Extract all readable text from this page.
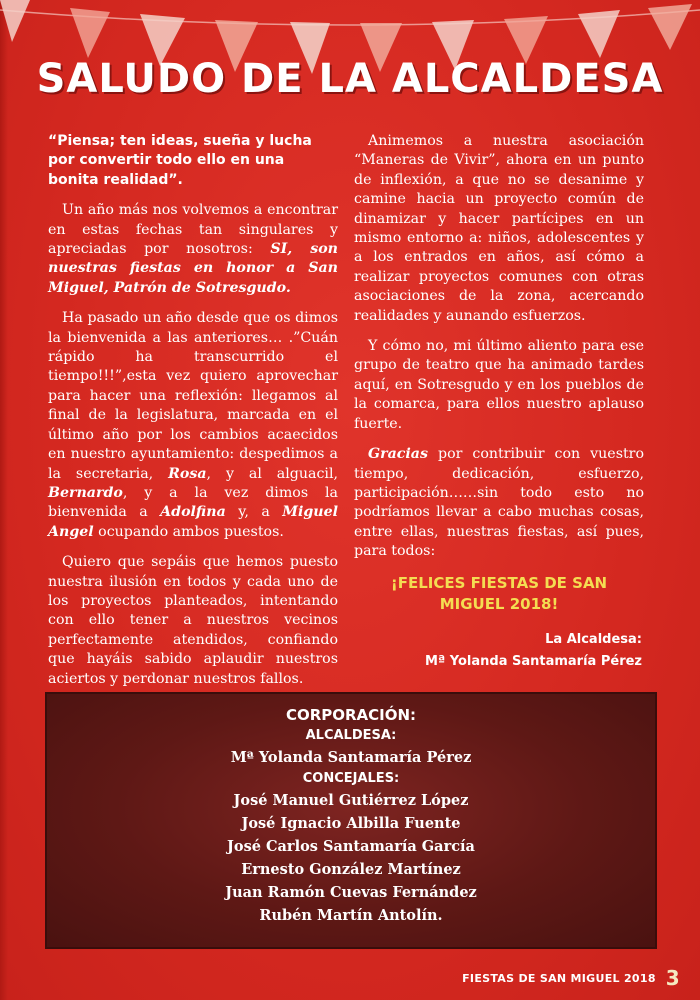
SALUDO DE LA ALCALDESA

“Piensa; ten ideas, sueña y lucha por convertir todo ello en una bonita realidad”.

Un año más nos volvemos a encontrar en estas fechas tan singulares y apreciadas por nosotros: SI, son nuestras fiestas en honor a San Miguel, Patrón de Sotresgudo.

Ha pasado un año desde que os dimos la bienvenida a las anteriores… .”Cuán rápido ha transcurrido el tiempo!!!”,esta vez quiero aprovechar para hacer una reflexión: llegamos al final de la legislatura, marcada en el último año por los cambios acaecidos en nuestro ayuntamiento: despedimos a la secretaria, Rosa, y al alguacil, Bernardo, y a la vez dimos la bienvenida a Adolfina y, a Miguel Angel ocupando ambos puestos.

Quiero que sepáis que hemos puesto nuestra ilusión en todos y cada uno de los proyectos planteados, intentando con ello tener a nuestros vecinos perfectamente atendidos, confiando que hayáis sabido aplaudir nuestros aciertos y perdonar nuestros fallos.

Animemos a nuestra asociación “Maneras de Vivir”, ahora en un punto de inflexión, a que no se desanime y camine hacia un proyecto común de dinamizar y hacer partícipes en un mismo entorno a: niños, adolescentes y a los entrados en años, así cómo a realizar proyectos comunes con otras asociaciones de la zona, acercando realidades y aunando esfuerzos.

Y cómo no, mi último aliento para ese grupo de teatro que ha animado tardes aquí, en Sotresgudo y en los pueblos de la comarca, para ellos nuestro aplauso fuerte.

Gracias por contribuir con vuestro tiempo, dedicación, esfuerzo, participación……sin todo esto no podríamos llevar a cabo muchas cosas, entre ellas, nuestras fiestas, así pues, para todos:

¡FELICES FIESTAS DE SAN
MIGUEL 2018!
La Alcaldesa:
Mª Yolanda Santamaría Pérez
CORPORACIÓN:
ALCALDESA:
Mª Yolanda Santamaría Pérez
CONCEJALES:
José Manuel Gutiérrez López
José Ignacio Albilla Fuente
José Carlos Santamaría García
Ernesto González Martínez
Juan Ramón Cuevas Fernández
Rubén Martín Antolín.
FIESTAS DE SAN MIGUEL 2018 3
